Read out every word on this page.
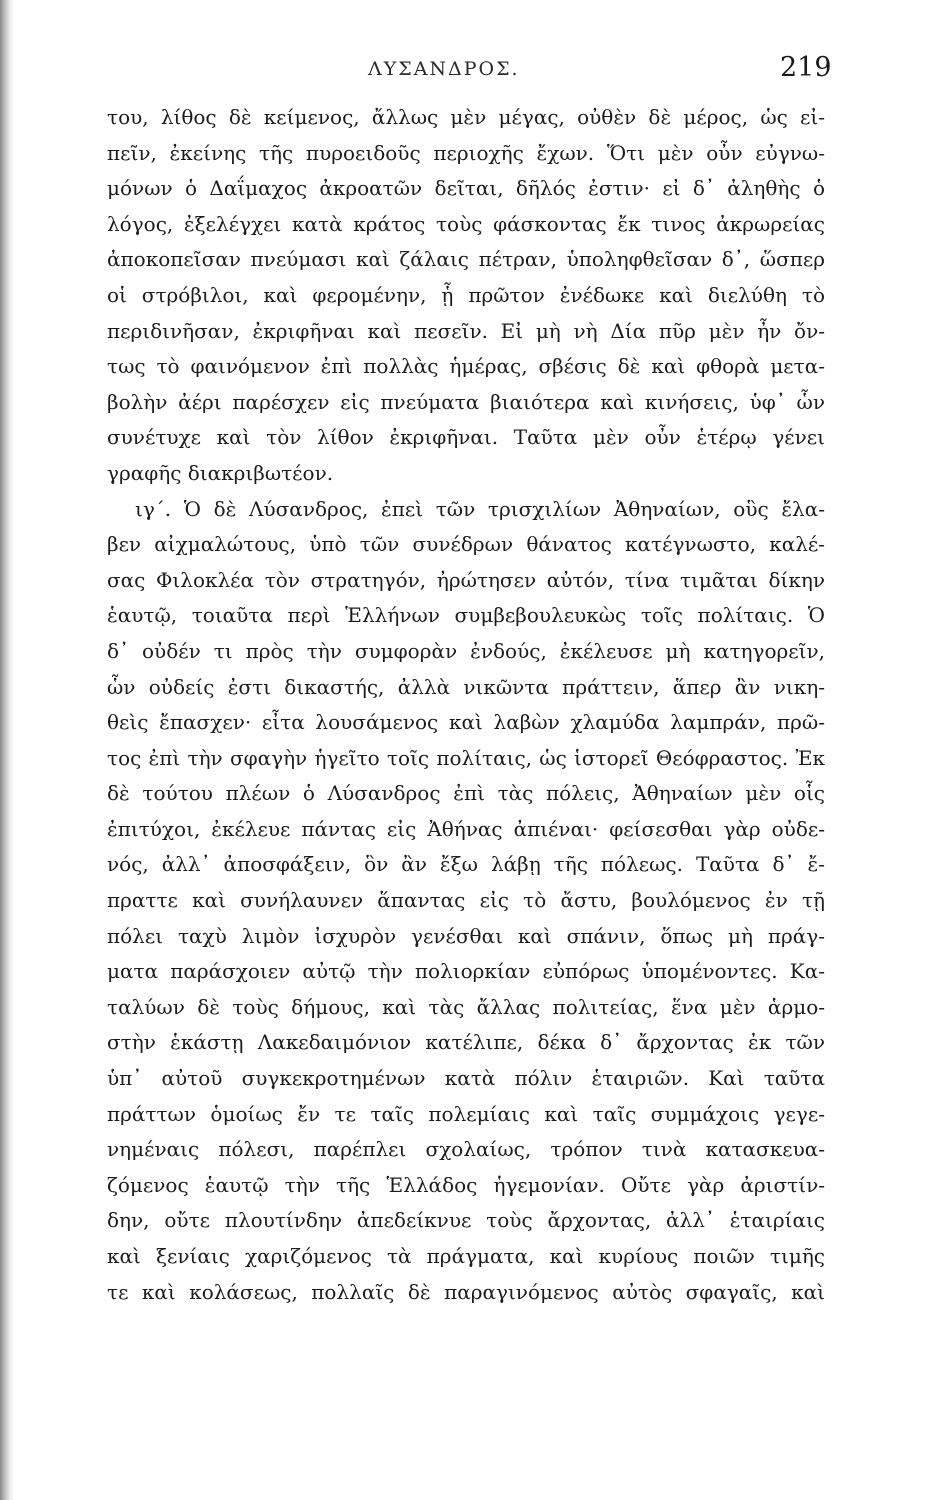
ΛΥΣΑΝΔΡΟΣ.	219
του, λίθος δὲ κείμενος, ἄλλως μὲν μέγας, οὐθὲν δὲ μέρος, ὡς εἰ-
πεῖν, ἐκείνης τῆς πυροειδοῦς περιοχῆς ἔχων. Ὅτι μὲν οὖν εὐγνω-
μόνων ὁ Δαΐμαχος ἀκροατῶν δεῖται, δῆλός ἐστιν· εἰ δ᾽ ἀληθὴς ὁ
λόγος, ἐξελέγχει κατὰ κράτος τοὺς φάσκοντας ἔκ τινος ἀκρωρείας
ἀποκοπεῖσαν πνεύμασι καὶ ζάλαις πέτραν, ὑποληφθεῖσαν δ᾽, ὥσπερ
οἱ στρόβιλοι, καὶ φερομένην, ᾗ πρῶτον ἐνέδωκε καὶ διελύθη τὸ
περιδινῆσαν, ἐκριφῆναι καὶ πεσεῖν. Εἰ μὴ νὴ Δία πῦρ μὲν ἦν ὄν-
τως τὸ φαινόμενον ἐπὶ πολλὰς ἡμέρας, σβέσις δὲ καὶ φθορὰ μετα-
βολὴν ἀέρι παρέσχεν εἰς πνεύματα βιαιότερα καὶ κινήσεις, ὑφ᾽ ὧν
συνέτυχε καὶ τὸν λίθον ἐκριφῆναι. Ταῦτα μὲν οὖν ἑτέρῳ γένει
γραφῆς διακριβωτέον.
ιγ΄. Ὁ δὲ Λύσανδρος, ἐπεὶ τῶν τρισχιλίων Ἀθηναίων, οὓς ἔλα-
βεν αἰχμαλώτους, ὑπὸ τῶν συνέδρων θάνατος κατέγνωστο, καλέ-
σας Φιλοκλέα τὸν στρατηγόν, ἠρώτησεν αὐτόν, τίνα τιμᾶται δίκην
ἑαυτῷ, τοιαῦτα περὶ Ἑλλήνων συμβεβουλευκὼς τοῖς πολίταις. Ὁ
δ᾽ οὐδέν τι πρὸς τὴν συμφορὰν ἐνδούς, ἐκέλευσε μὴ κατηγορεῖν,
ὧν οὐδείς ἐστι δικαστής, ἀλλὰ νικῶντα πράττειν, ἅπερ ἂν νικη-
θεὶς ἔπασχεν· εἶτα λουσάμενος καὶ λαβὼν χλαμύδα λαμπράν, πρῶ-
τος ἐπὶ τὴν σφαγὴν ἡγεῖτο τοῖς πολίταις, ὡς ἱστορεῖ Θεόφραστος. Ἐκ
δὲ τούτου πλέων ὁ Λύσανδρος ἐπὶ τὰς πόλεις, Ἀθηναίων μὲν οἷς
ἐπιτύχοι, ἐκέλευε πάντας εἰς Ἀθήνας ἀπιέναι· φείσεσθαι γὰρ οὐδε-
νός, ἀλλ᾽ ἀποσφάξειν, ὃν ἂν ἔξω λάβῃ τῆς πόλεως. Ταῦτα δ᾽ ἔ-
πραττε καὶ συνήλαυνεν ἅπαντας εἰς τὸ ἄστυ, βουλόμενος ἐν τῇ
πόλει ταχὺ λιμὸν ἰσχυρὸν γενέσθαι καὶ σπάνιν, ὅπως μὴ πράγ-
ματα παράσχοιεν αὐτῷ τὴν πολιορκίαν εὐπόρως ὑπομένοντες. Κα-
ταλύων δὲ τοὺς δήμους, καὶ τὰς ἄλλας πολιτείας, ἕνα μὲν ἁρμο-
στὴν ἑκάστῃ Λακεδαιμόνιον κατέλιπε, δέκα δ᾽ ἄρχοντας ἐκ τῶν
ὑπ᾽ αὐτοῦ συγκεκροτημένων κατὰ πόλιν ἑταιριῶν. Καὶ ταῦτα
πράττων ὁμοίως ἔν τε ταῖς πολεμίαις καὶ ταῖς συμμάχοις γεγε-
νημέναις πόλεσι, παρέπλει σχολαίως, τρόπον τινὰ κατασκευα-
ζόμενος ἑαυτῷ τὴν τῆς Ἑλλάδος ἡγεμονίαν. Οὔτε γὰρ ἀριστίν-
δην, οὔτε πλουτίνδην ἀπεδείκνυε τοὺς ἄρχοντας, ἀλλ᾽ ἑταιρίαις
καὶ ξενίαις χαριζόμενος τὰ πράγματα, καὶ κυρίους ποιῶν τιμῆς
τε καὶ κολάσεως, πολλαῖς δὲ παραγινόμενος αὐτὸς σφαγαῖς, καὶ
